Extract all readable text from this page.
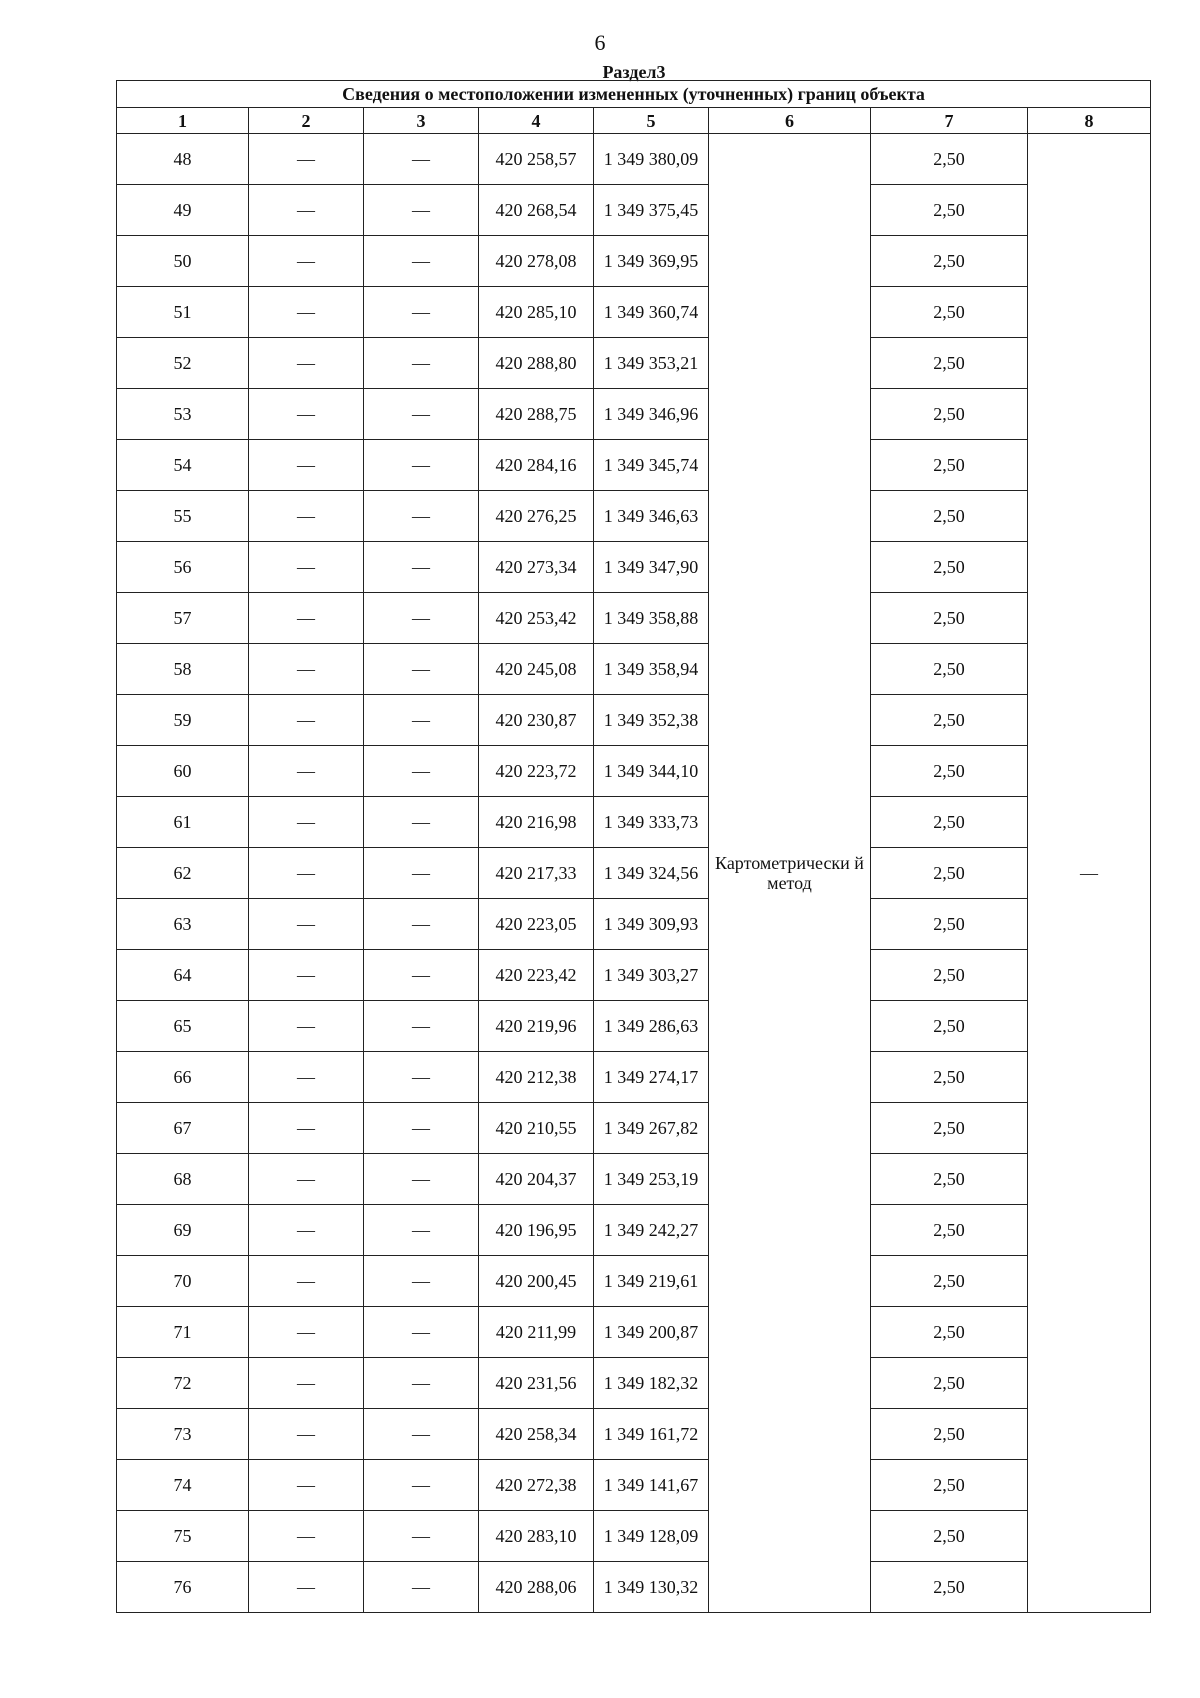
6
Раздел3
Сведения о местоположении измененных (уточненных) границ объекта							
1	2	3	4	5	6	7	8
48	—	—	420 258,57	1 349 380,09	Картометрически й метод	2,50	—
49	—	—	420 268,54	1 349 375,45		2,50	
50	—	—	420 278,08	1 349 369,95		2,50	
51	—	—	420 285,10	1 349 360,74		2,50	
52	—	—	420 288,80	1 349 353,21		2,50	
53	—	—	420 288,75	1 349 346,96		2,50	
54	—	—	420 284,16	1 349 345,74		2,50	
55	—	—	420 276,25	1 349 346,63		2,50	
56	—	—	420 273,34	1 349 347,90		2,50	
57	—	—	420 253,42	1 349 358,88		2,50	
58	—	—	420 245,08	1 349 358,94		2,50	
59	—	—	420 230,87	1 349 352,38		2,50	
60	—	—	420 223,72	1 349 344,10		2,50	
61	—	—	420 216,98	1 349 333,73		2,50	
62	—	—	420 217,33	1 349 324,56		2,50	
63	—	—	420 223,05	1 349 309,93		2,50	
64	—	—	420 223,42	1 349 303,27		2,50	
65	—	—	420 219,96	1 349 286,63		2,50	
66	—	—	420 212,38	1 349 274,17		2,50	
67	—	—	420 210,55	1 349 267,82		2,50	
68	—	—	420 204,37	1 349 253,19		2,50	
69	—	—	420 196,95	1 349 242,27		2,50	
70	—	—	420 200,45	1 349 219,61		2,50	
71	—	—	420 211,99	1 349 200,87		2,50	
72	—	—	420 231,56	1 349 182,32		2,50	
73	—	—	420 258,34	1 349 161,72		2,50	
74	—	—	420 272,38	1 349 141,67		2,50	
75	—	—	420 283,10	1 349 128,09		2,50	
76	—	—	420 288,06	1 349 130,32		2,50	
